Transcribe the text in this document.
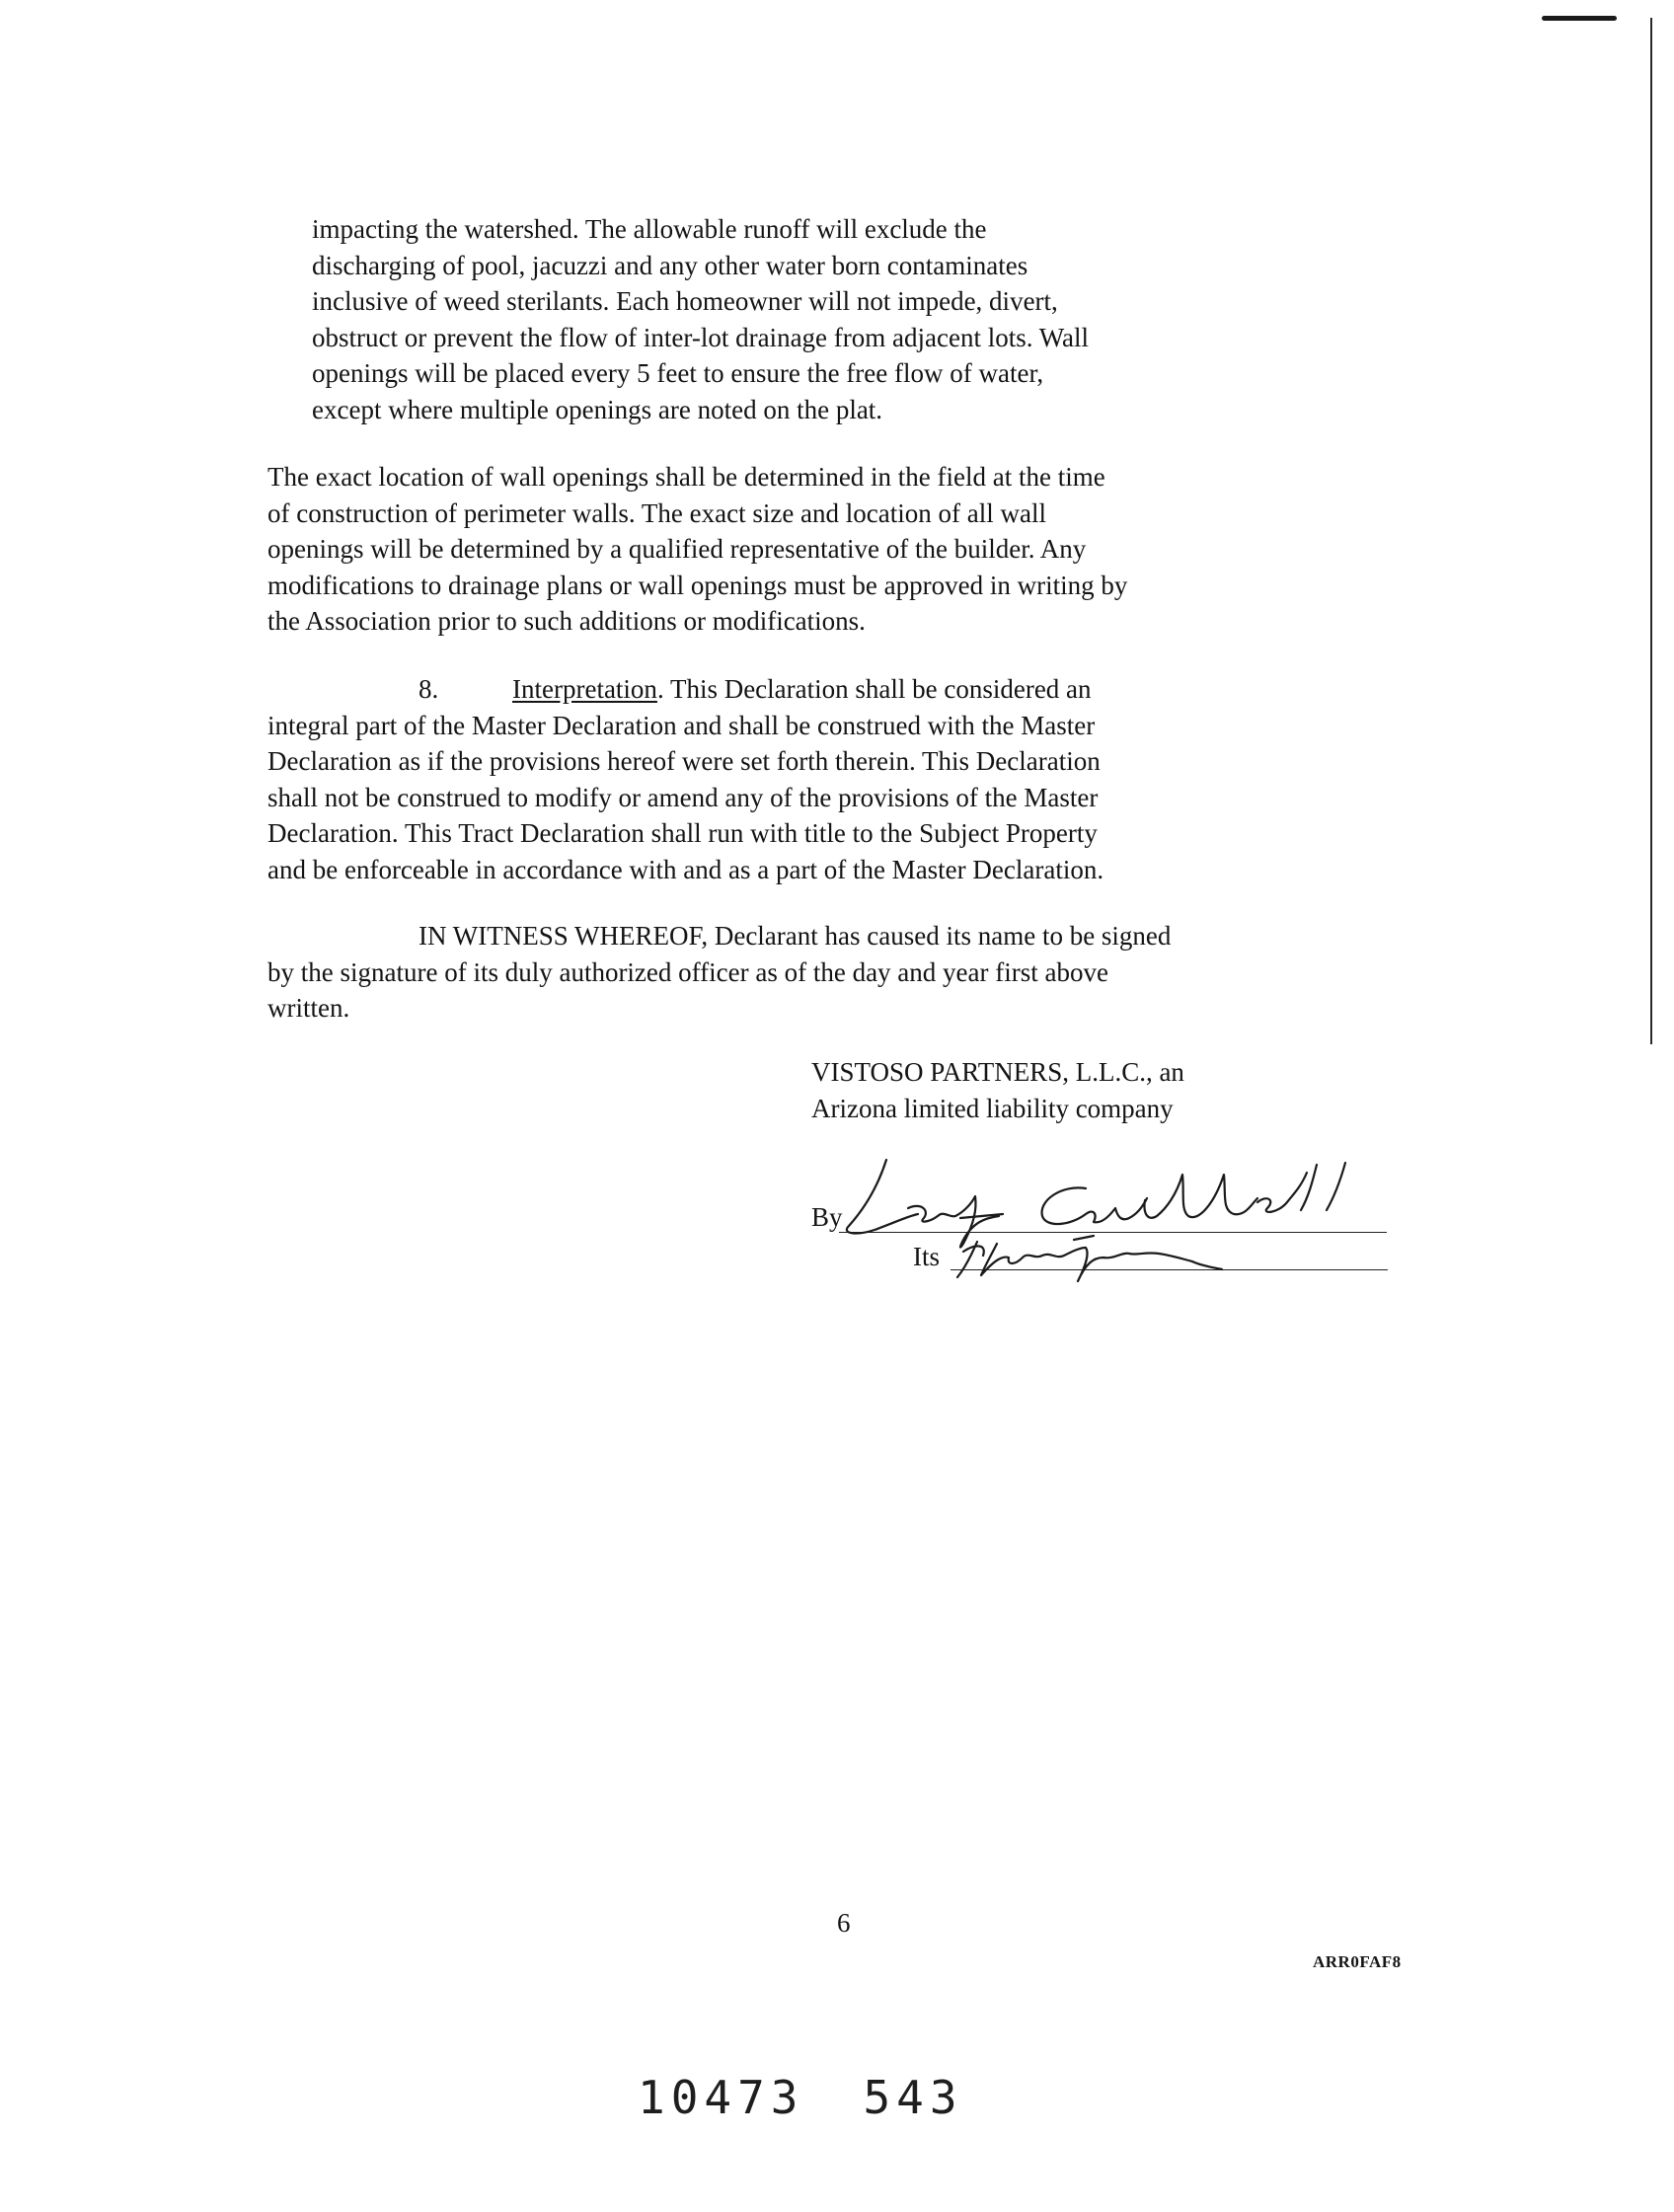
impacting the watershed. The allowable runoff will exclude the
discharging of pool, jacuzzi and any other water born contaminates
inclusive of weed sterilants. Each homeowner will not impede, divert,
obstruct or prevent the flow of inter-lot drainage from adjacent lots. Wall
openings will be placed every 5 feet to ensure the free flow of water,
except where multiple openings are noted on the plat.

The exact location of wall openings shall be determined in the field at the time
of construction of perimeter walls. The exact size and location of all wall
openings will be determined by a qualified representative of the builder. Any
modifications to drainage plans or wall openings must be approved in writing by
the Association prior to such additions or modifications.

8.	Interpretation. This Declaration shall be considered an
integral part of the Master Declaration and shall be construed with the Master
Declaration as if the provisions hereof were set forth therein. This Declaration
shall not be construed to modify or amend any of the provisions of the Master
Declaration. This Tract Declaration shall run with title to the Subject Property
and be enforceable in accordance with and as a part of the Master Declaration.

IN WITNESS WHEREOF, Declarant has caused its name to be signed
by the signature of its duly authorized officer as of the day and year first above
written.

VISTOSO PARTNERS, L.L.C., an
Arizona limited liability company
By
Its
6
ARR0FAF8
10473 543
